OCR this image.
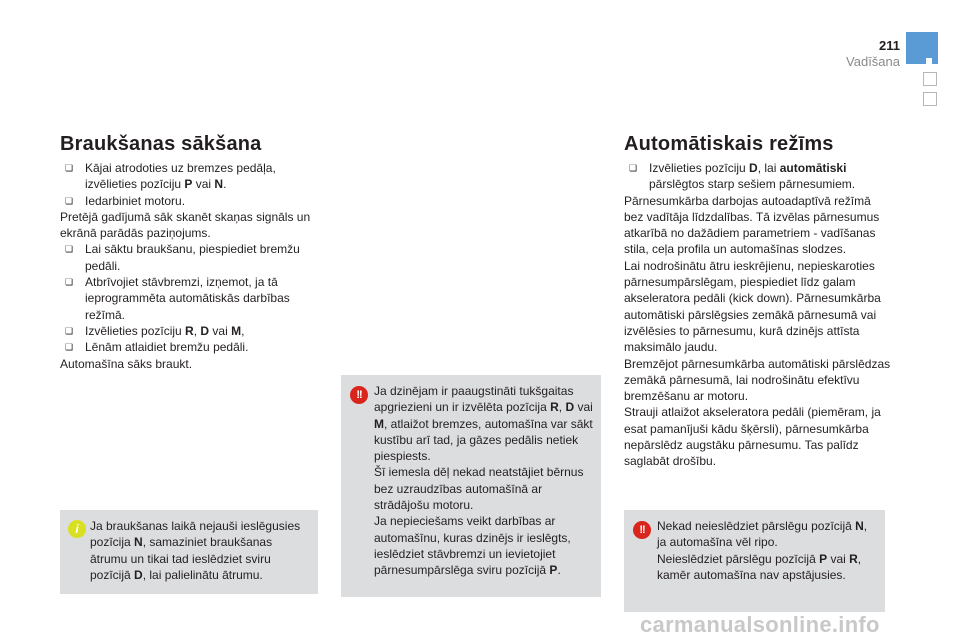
211
Vadīšana
Braukšanas sākšana
❏ Kājai atrodoties uz bremzes pedāļa, izvēlieties pozīciju P vai N.
❏ Iedarbiniet motoru.

Pretējā gadījumā sāk skanēt skaņas signāls un ekrānā parādās paziņojums.

❏ Lai sāktu braukšanu, piespiediet bremžu pedāli.
❏ Atbrīvojiet stāvbremzi, izņemot, ja tā ieprogrammēta automātiskās darbības režīmā.
❏ Izvēlieties pozīciju R, D vai M,
❏ Lēnām atlaidiet bremžu pedāli.

Automašīna sāks braukt.

i Ja braukšanas laikā nejauši ieslēgusies pozīcija N, samaziniet braukšanas ātrumu un tikai tad ieslēdziet sviru pozīcijā D, lai palielinātu ātrumu.

!!	Ja dzinējam ir paaugstināti tukšgaitas apgriezieni un ir izvēlēta pozīcija R, D vai M, atlaižot bremzes, automašīna var sākt kustību arī tad, ja gāzes pedālis netiek piespiests.

Šī iemesla dēļ nekad neatstājiet bērnus bez uzraudzības automašīnā ar strādājošu motoru.

Ja nepieciešams veikt darbības ar automašīnu, kuras dzinējs ir ieslēgts, ieslēdziet stāvbremzi un ievietojiet pārnesumpārslēga sviru pozīcijā P.

Automātiskais režīms
❏ Izvēlieties pozīciju D, lai automātiski pārslēgtos starp sešiem pārnesumiem.

Pārnesumkārba darbojas autoadaptīvā režīmā bez vadītāja līdzdalības. Tā izvēlas pārnesumus atkarībā no dažādiem parametriem - vadīšanas stila, ceļa profila un automašīnas slodzes.

Lai nodrošinātu ātru ieskrējienu, nepieskaroties pārnesumpārslēgam, piespiediet līdz galam akseleratora pedāli (kick down). Pārnesumkārba automātiski pārslēgsies zemākā pārnesumā vai izvēlēsies to pārnesumu, kurā dzinējs attīsta maksimālo jaudu.

Bremzējot pārnesumkārba automātiski pārslēdzas zemākā pārnesumā, lai nodrošinātu efektīvu bremzēšanu ar motoru.

Strauji atlaižot akseleratora pedāli (piemēram, ja esat pamanījuši kādu šķērsli), pārnesumkārba nepārslēdz augstāku pārnesumu. Tas palīdz saglabāt drošību.

!!	Nekad neieslēdziet pārslēgu pozīcijā N, ja automašīna vēl ripo.

Neieslēdziet pārslēgu pozīcijā P vai R, kamēr automašīna nav apstājusies.

carmanualsonline.info
